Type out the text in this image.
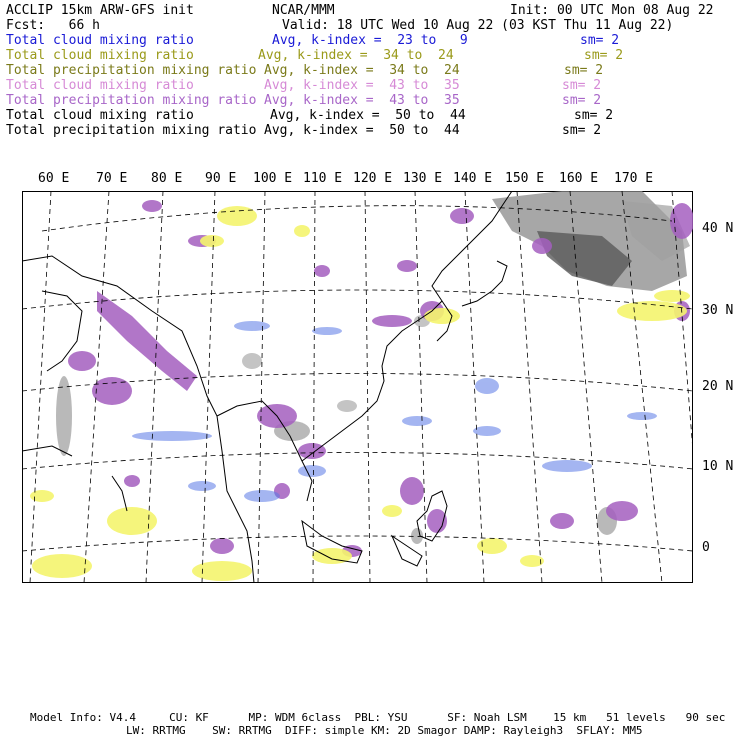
ACCLIP 15km ARW-GFS init	NCAR/MMM	Init: 00 UTC Mon 08 Aug 22
Fcst:   66 h	Valid: 18 UTC Wed 10 Aug 22 (03 KST Thu 11 Aug 22)
Total cloud mixing ratio	Avg, k-index =  23 to   9	sm= 2
Total cloud mixing ratio	Avg, k-index =  34 to  24	sm= 2
Total precipitation mixing ratio Avg, k-index =  34 to  24	sm= 2
Total cloud mixing ratio	Avg, k-index =  43 to  35	sm= 2
Total precipitation mixing ratio Avg, k-index =  43 to  35	sm= 2
Total cloud mixing ratio	Avg, k-index =  50 to  44	sm= 2
Total precipitation mixing ratio Avg, k-index =  50 to  44	sm= 2
60 E 70 E 80 E 90 E 100 E 110 E 120 E 130 E 140 E 150 E 160 E 170 E
40 N
30 N
20 N
10 N
0
Model Info: V4.4     CU: KF      MP: WDM 6class  PBL: YSU      SF: Noah LSM    15 km   51 levels   90 sec
LW: RRTMG    SW: RRTMG  DIFF: simple KM: 2D Smagor DAMP: Rayleigh3  SFLAY: MM5
